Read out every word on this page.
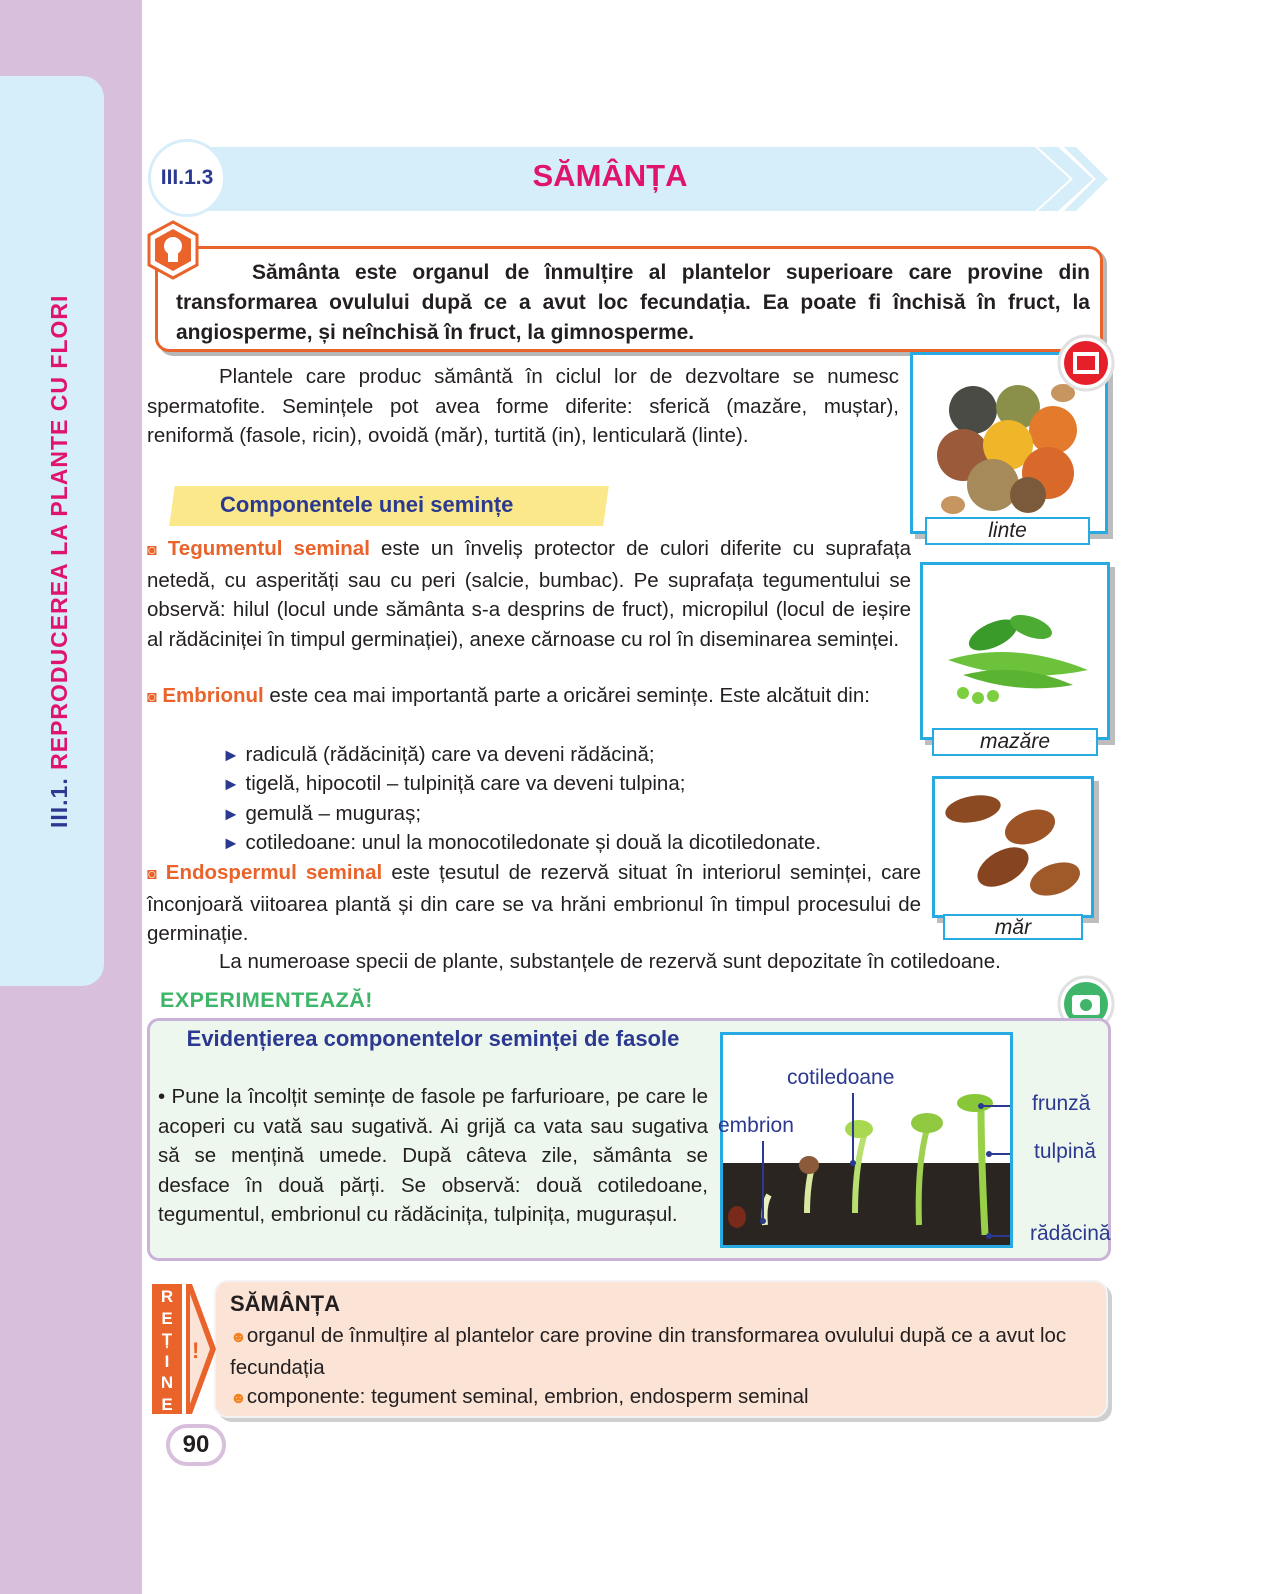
III.1. REPRODUCEREA LA PLANTE CU FLORI
III.1.3	SĂMÂNȚA
Sământa este organul de înmulțire al plantelor superioare care provine din transformarea ovulului după ce a avut loc fecundația. Ea poate fi închisă în fruct, la angiosperme, și neînchisă în fruct, la gimnosperme.
Plantele care produc sământă în ciclul lor de dezvoltare se numesc spermatofite. Semințele pot avea forme diferite: sferică (mazăre, muștar), reniformă (fasole, ricin), ovoidă (măr), turtită (in), lenticulară (linte).
Componentele unei semințe
◙ Tegumentul seminal este un înveliș protector de culori diferite cu suprafața netedă, cu asperități sau cu peri (salcie, bumbac). Pe suprafața tegumentului se observă: hilul (locul unde sământa s-a desprins de fruct), micropilul (locul de ieșire al rădăciniței în timpul germinației), anexe cărnoase cu rol în diseminarea seminței.
◙ Embrionul este cea mai importantă parte a oricărei semințe. Este alcătuit din:
► radiculă (rădăciniță) care va deveni rădăcină;
► tigelă, hipocotil – tulpiniță care va deveni tulpina;
► gemulă – mugurаș;
► cotiledoane: unul la monocotiledonate și două la dicotiledonate.
◙ Endospermul seminal este țesutul de rezervă situat în interiorul seminței, care înconjoară viitoarea plantă și din care se va hrăni embrionul în timpul procesului de germinație.
La numeroase specii de plante, substanțele de rezervă sunt depozitate în cotiledoane.
linte
mazăre
măr
EXPERIMENTEAZĂ!
Evidențierea componentelor seminței de fasole
• Pune la încolțit semințe de fasole pe farfurioare, pe care le acoperi cu vată sau sugativă. Ai grijă ca vata sau sugativa să se mențină umede. După câteva zile, sământa se desface în două părți. Se observă: două cotiledoane, tegumentul, embrionul cu rădăcinița, tulpinița, mugurașul.
cotiledoane
embrion
frunză
tulpină
rădăcină
!
R
E
Ț
I
N
E
SĂMÂNȚA
☻organul de înmulțire al plantelor care provine din transformarea ovulului după ce a avut loc fecundația
☻componente: tegument seminal, embrion, endosperm seminal
90
